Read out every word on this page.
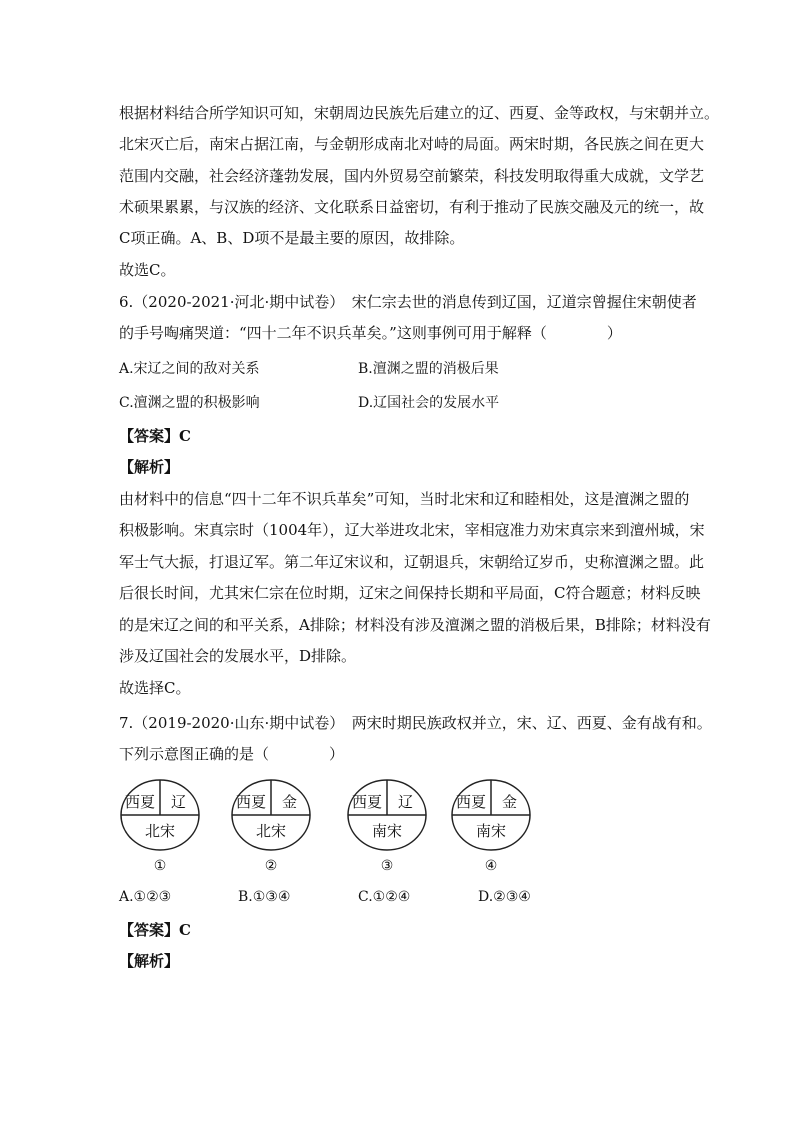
根据材料结合所学知识可知，宋朝周边民族先后建立的辽、西夏、金等政权，与宋朝并立。
北宋灭亡后，南宋占据江南，与金朝形成南北对峙的局面。两宋时期，各民族之间在更大
范围内交融，社会经济蓬勃发展，国内外贸易空前繁荣，科技发明取得重大成就，文学艺
术硕果累累，与汉族的经济、文化联系日益密切，有利于推动了民族交融及元的统一，故
C项正确。A、B、D项不是最主要的原因，故排除。
故选C。
6.（2020-2021·河北·期中试卷）　宋仁宗去世的消息传到辽国，辽道宗曾握住宋朝使者
的手号啕痛哭道：“四十二年不识兵革矣。”这则事例可用于解释（　　　　）
A.宋辽之间的敌对关系	B.澶渊之盟的消极后果
C.澶渊之盟的积极影响	D.辽国社会的发展水平
【答案】C
【解析】
由材料中的信息“四十二年不识兵革矣”可知，当时北宋和辽和睦相处，这是澶渊之盟的
积极影响。宋真宗时（1004年），辽大举进攻北宋，宰相寇准力劝宋真宗来到澶州城，宋
军士气大振，打退辽军。第二年辽宋议和，辽朝退兵，宋朝给辽岁币，史称澶渊之盟。此
后很长时间，尤其宋仁宗在位时期，辽宋之间保持长期和平局面，C符合题意；材料反映
的是宋辽之间的和平关系，A排除；材料没有涉及澶渊之盟的消极后果，B排除；材料没有
涉及辽国社会的发展水平，D排除。
故选择C。
7.（2019-2020·山东·期中试卷）　两宋时期民族政权并立，宋、辽、西夏、金有战有和。
下列示意图正确的是（　　　　）
西夏 辽
北宋
①
西夏 金
北宋
②
西夏 辽
南宋
③
西夏 金
南宋
④
A.①②③	B.①③④	C.①②④	D.②③④
【答案】C
【解析】
